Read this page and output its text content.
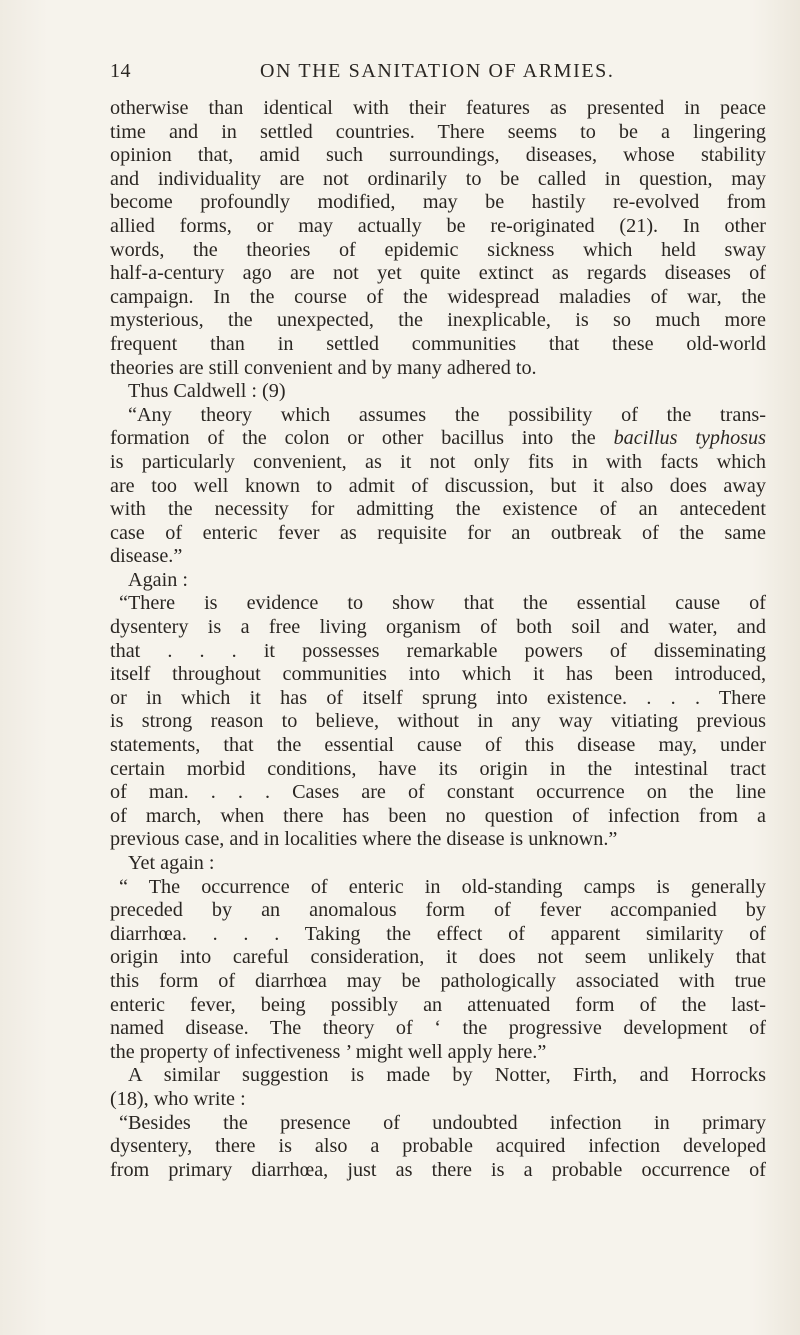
14	ON THE SANITATION OF ARMIES.
otherwise than identical with their features as presented in peace
time and in settled countries. There seems to be a lingering
opinion that, amid such surroundings, diseases, whose stability
and individuality are not ordinarily to be called in question, may
become profoundly modified, may be hastily re-evolved from
allied forms, or may actually be re-originated (21). In other
words, the theories of epidemic sickness which held sway
half-a-century ago are not yet quite extinct as regards diseases of
campaign. In the course of the widespread maladies of war, the
mysterious, the unexpected, the inexplicable, is so much more
frequent than in settled communities that these old-world
theories are still convenient and by many adhered to.
Thus Caldwell : (9)
“Any theory which assumes the possibility of the trans-
formation of the colon or other bacillus into the bacillus typhosus
is particularly convenient, as it not only fits in with facts which
are too well known to admit of discussion, but it also does away
with the necessity for admitting the existence of an antecedent
case of enteric fever as requisite for an outbreak of the same
disease.”
Again :
“There is evidence to show that the essential cause of
dysentery is a free living organism of both soil and water, and
that . . . it possesses remarkable powers of disseminating
itself throughout communities into which it has been introduced,
or in which it has of itself sprung into existence. . . . There
is strong reason to believe, without in any way vitiating previous
statements, that the essential cause of this disease may, under
certain morbid conditions, have its origin in the intestinal tract
of man. . . . Cases are of constant occurrence on the line
of march, when there has been no question of infection from a
previous case, and in localities where the disease is unknown.”
Yet again :
“ The occurrence of enteric in old-standing camps is generally
preceded by an anomalous form of fever accompanied by
diarrhœa. . . . Taking the effect of apparent similarity of
origin into careful consideration, it does not seem unlikely that
this form of diarrhœa may be pathologically associated with true
enteric fever, being possibly an attenuated form of the last-
named disease. The theory of ‘ the progressive development of
the property of infectiveness ’ might well apply here.”
A similar suggestion is made by Notter, Firth, and Horrocks
(18), who write :
“Besides the presence of undoubted infection in primary
dysentery, there is also a probable acquired infection developed
from primary diarrhœa, just as there is a probable occurrence of
